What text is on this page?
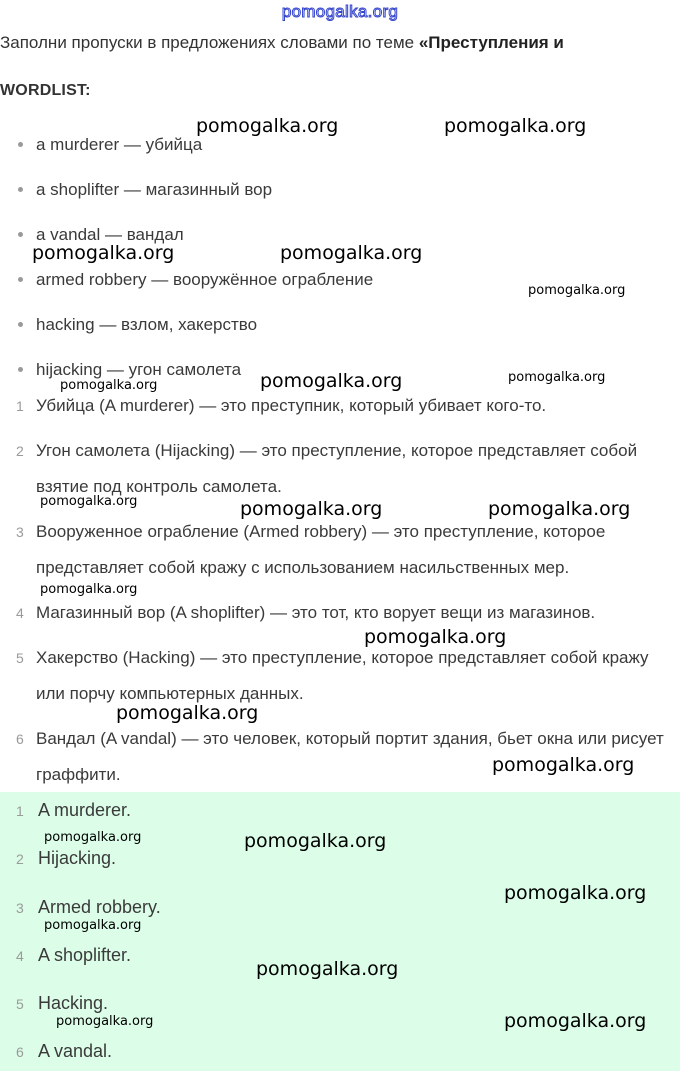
pomogalka.org
Заполни пропуски в предложениях словами по теме «Преступления и
WORDLIST:
a murderer — убийца
a shoplifter — магазинный вор
a vandal — вандал
armed robbery — вооружённое ограбление
hacking — взлом, хакерство
hijacking — угон самолета
1 Убийца (A murderer) — это преступник, который убивает кого-то.
2 Угон самолета (Hijacking) — это преступление, которое представляет собой взятие под контроль самолета.
3 Вооруженное ограбление (Armed robbery) — это преступление, которое представляет собой кражу с использованием насильственных мер.
4 Магазинный вор (A shoplifter) — это тот, кто ворует вещи из магазинов.
5 Хакерство (Hacking) — это преступление, которое представляет собой кражу или порчу компьютерных данных.
6 Вандал (A vandal) — это человек, который портит здания, бьет окна или рисует граффити.
1 A murderer.
2 Hijacking.
3 Armed robbery.
4 A shoplifter.
5 Hacking.
6 A vandal.
pomogalka.org	pomogalka.org
pomogalka.org	pomogalka.org
pomogalka.org
pomogalka.org
pomogalka.org
pomogalka.org
pomogalka.org	pomogalka.org	pomogalka.org
pomogalka.org
pomogalka.org
pomogalka.org
pomogalka.org
pomogalka.org	pomogalka.org
pomogalka.org
pomogalka.org
pomogalka.org
pomogalka.org	pomogalka.org
